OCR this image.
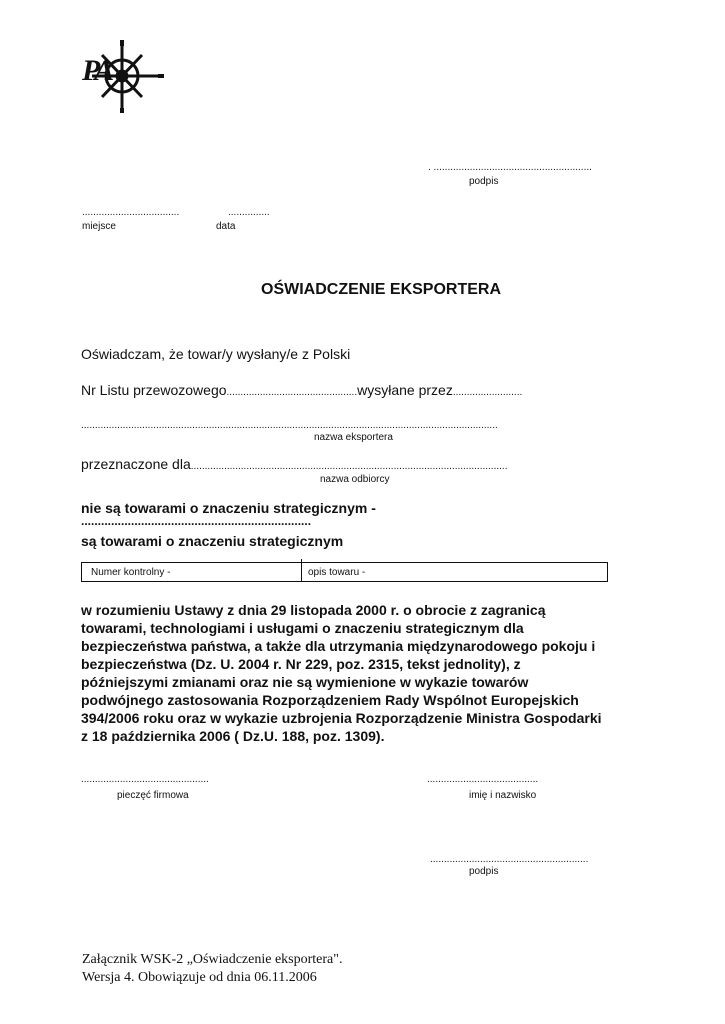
PA
. .........................................................
podpis
...................................	...............
miejsce	data
OŚWIADCZENIE EKSPORTERA
Oświadczam, że towar/y wysłany/e z Polski
Nr Listu przewozowego...............................................wysyłane przez.........................
......................................................................................................................................................
nazwa eksportera
przeznaczone dla..................................................................................................................
nazwa odbiorcy
nie są towarami o znaczeniu strategicznym -
.....................................................................
są towarami o znaczeniu strategicznym
Numer kontrolny -	opis towaru -
w rozumieniu Ustawy z dnia 29 listopada 2000 r. o obrocie z zagranicą
towarami, technologiami i usługami o znaczeniu strategicznym dla
bezpieczeństwa państwa, a także dla utrzymania międzynarodowego pokoju i
bezpieczeństwa (Dz. U. 2004 r. Nr 229, poz. 2315, tekst jednolity), z
późniejszymi zmianami oraz nie są wymienione w wykazie towarów
podwójnego zastosowania Rozporządzeniem Rady Wspólnot Europejskich
394/2006 roku oraz w wykazie uzbrojenia Rozporządzenie Ministra Gospodarki
z 18 października 2006 ( Dz.U. 188, poz. 1309).
..............................................
pieczęć firmowa
........................................
imię i nazwisko
.........................................................
podpis
Załącznik WSK-2 „Oświadczenie eksportera".
Wersja 4. Obowiązuje od dnia 06.11.2006
